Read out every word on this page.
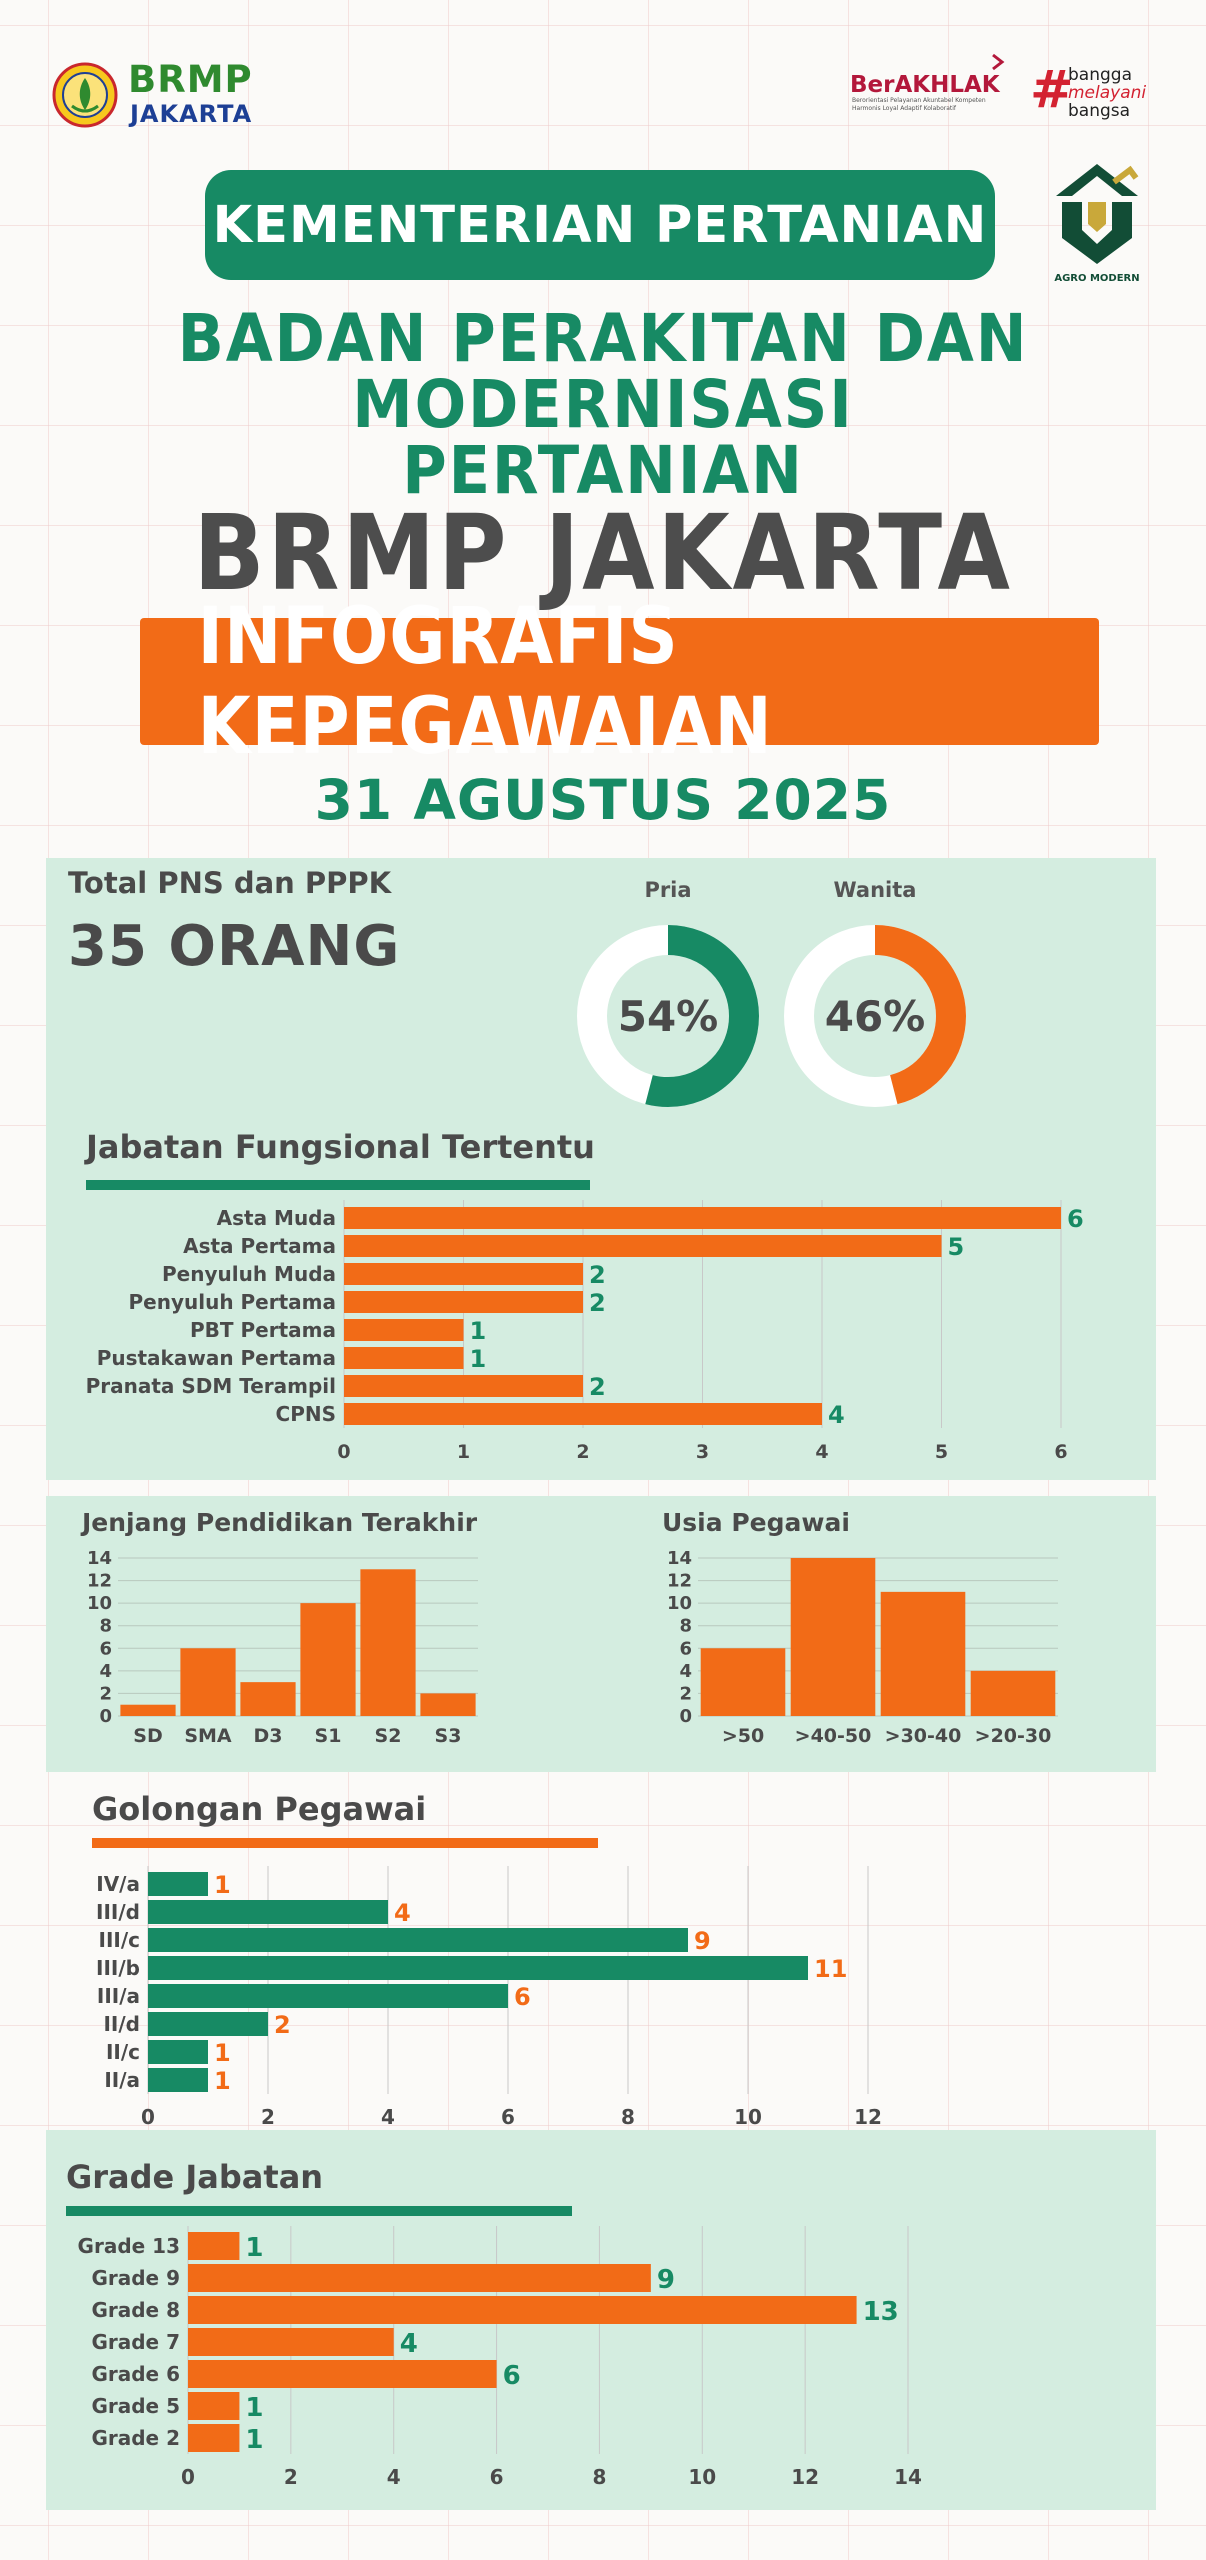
BRMP
JAKARTA
BerAKHLAK
Berorientasi Pelayanan Akuntabel Kompeten Harmonis Loyal Adaptif Kolaboratif	#
bangga
melayani
bangsa
AGRO MODERN
KEMENTERIAN PERTANIAN
BADAN PERAKITAN DAN
MODERNISASI PERTANIAN
BRMP JAKARTA
INFOGRAFIS KEPEGAWAIAN
31 AGUSTUS 2025
Total PNS dan PPPK
35 ORANG
Pria	Wanita
54%	46%
Jabatan Fungsional Tertentu
0	1	2	3	4	5	6
Asta Muda	6
Asta Pertama	5
Penyuluh Muda	2
Penyuluh Pertama	2
PBT Pertama	1
Pustakawan Pertama	1
Pranata SDM Terampil	2
CPNS	4
Jenjang Pendidikan Terakhir	Usia Pegawai
0
2
4
6
8
10
12
14
SD SMA D3 S1 S2 S3
0
2
4
6
8
10
12
14
>50 >40-50 >30-40 >20-30
Golongan Pegawai
0	2	4	6	8	10	12
IV/a	1
III/d	4
III/c	9
III/b	11
III/a	6
II/d	2
II/c	1
II/a	1
Grade Jabatan
0	2	4	6	8	10	12	14
Grade 13	1
Grade 9	9
Grade 8	13
Grade 7	4
Grade 6	6
Grade 5	1
Grade 2	1
